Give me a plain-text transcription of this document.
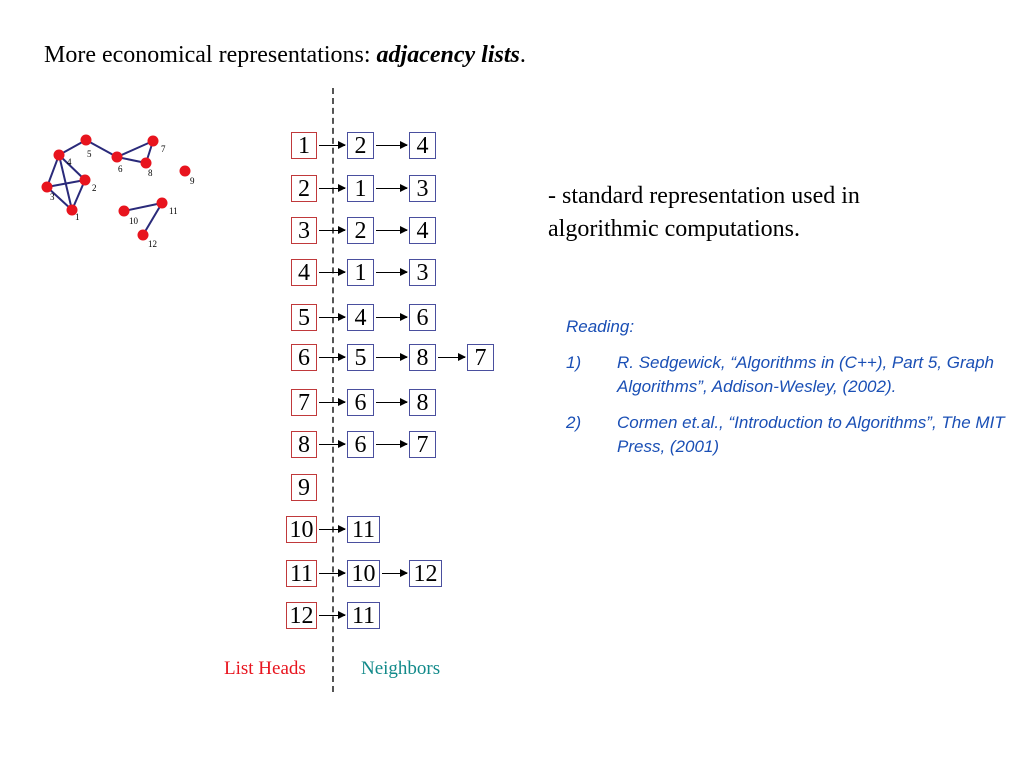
More economical representations: adjacency lists.
1
2
3
4
5
6
7
8
9
10
11
12
1	2	4
2	1	3
3	2	4
4	1	3
5	4	6
6	5	8	7
7	6	8
8	6	7
9
10 11
11 10 12
12 11
List Heads	Neighbors
- standard representation used in algorithmic computations.
Reading:
1)	R. Sedgewick, “Algorithms in (C++), Part 5, Graph Algorithms”, Addison-Wesley, (2002).
2)	Cormen et.al., “Introduction to Algorithms”, The MIT Press, (2001)
